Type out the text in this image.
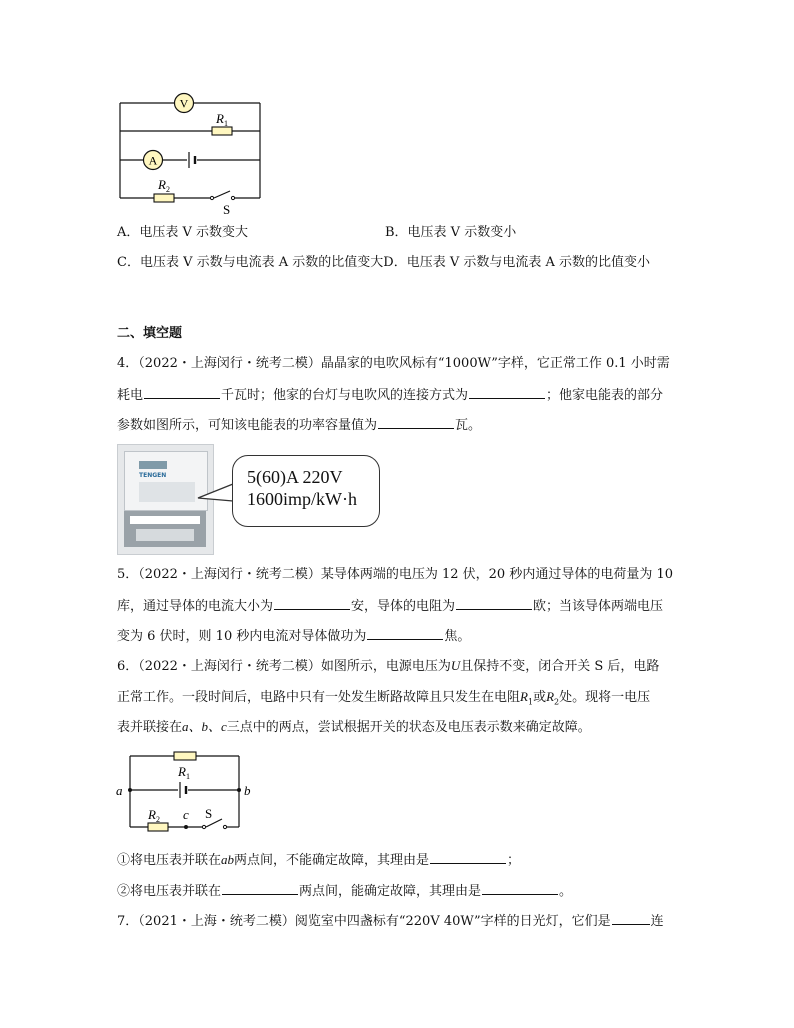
V
$R_1$
A
$R_2$
S
A．电压表 V 示数变大	B．电压表 V 示数变小
C．电压表 V 示数与电流表 A 示数的比值变大D．电压表 V 示数与电流表 A 示数的比值变小
二、填空题
4．（2022・上海闵行・统考二模）晶晶家的电吹风标有“1000W”字样，它正常工作 0.1 小时需
耗电	千瓦时；他家的台灯与电吹风的连接方式为	；他家电能表的部分
参数如图所示，可知该电能表的功率容量值为	瓦。
TENGEN	5(60)A 220V
1600imp/kW·h
5．（2022・上海闵行・统考二模）某导体两端的电压为 12 伏，20 秒内通过导体的电荷量为 10
库，通过导体的电流大小为	安，导体的电阻为	欧；当该导体两端电压
变为 6 伏时，则 10 秒内电流对导体做功为	焦。
6．（2022・上海闵行・统考二模）如图所示，电源电压为U且保持不变，闭合开关 S 后，电路
正常工作。一段时间后，电路中只有一处发生断路故障且只发生在电阻$R_1$或$R_2$处。现将一电压
表并联接在a、b、c三点中的两点，尝试根据开关的状态及电压表示数来确定故障。
$R_1$
a	b
$R_2$ c S
①将电压表并联在ab两点间，不能确定故障，其理由是	；
②将电压表并联在	两点间，能确定故障，其理由是	。
7．（2021・上海・统考二模）阅览室中四盏标有“220V 40W”字样的日光灯，它们是	连
